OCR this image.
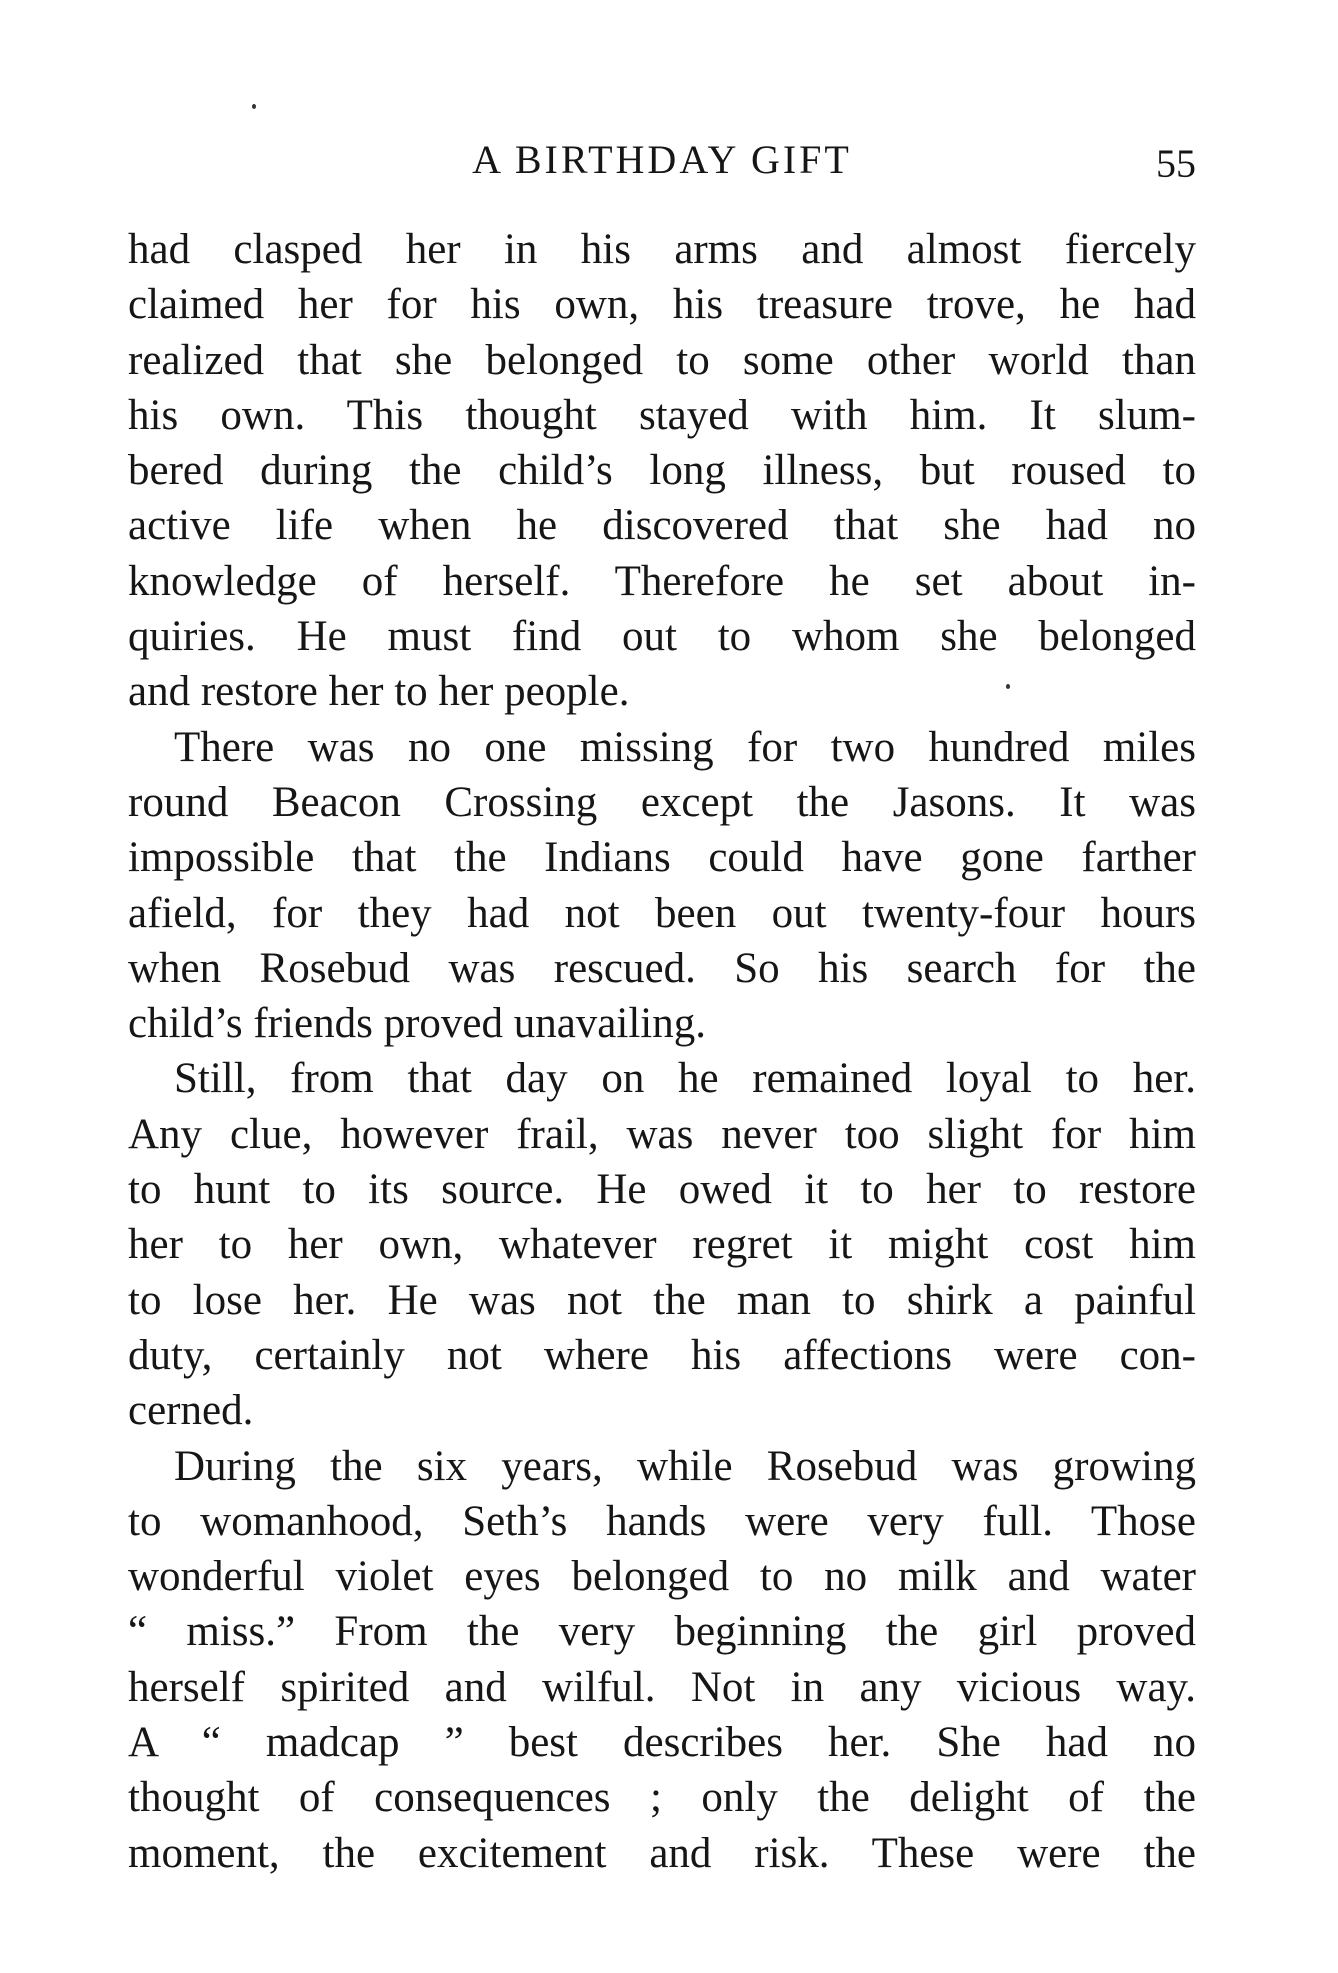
A BIRTHDAY GIFT	55
had clasped her in his arms and almost fiercely
claimed her for his own, his treasure trove, he had
realized that she belonged to some other world than
his own. This thought stayed with him. It slum-
bered during the child’s long illness, but roused to
active life when he discovered that she had no
knowledge of herself. Therefore he set about in-
quiries. He must find out to whom she belonged
and restore her to her people.
There was no one missing for two hundred miles
round Beacon Crossing except the Jasons. It was
impossible that the Indians could have gone farther
afield, for they had not been out twenty-four hours
when Rosebud was rescued. So his search for the
child’s friends proved unavailing.
Still, from that day on he remained loyal to her.
Any clue, however frail, was never too slight for him
to hunt to its source. He owed it to her to restore
her to her own, whatever regret it might cost him
to lose her. He was not the man to shirk a painful
duty, certainly not where his affections were con-
cerned.
During the six years, while Rosebud was growing
to womanhood, Seth’s hands were very full. Those
wonderful violet eyes belonged to no milk and water
“ miss.” From the very beginning the girl proved
herself spirited and wilful. Not in any vicious way.
A “ madcap ” best describes her. She had no
thought of consequences ; only the delight of the
moment, the excitement and risk. These were the
